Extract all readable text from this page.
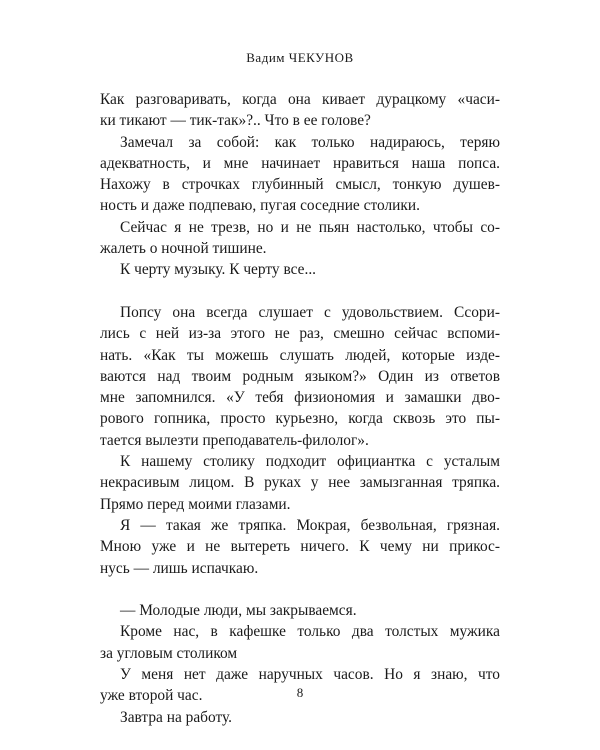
Вадим ЧЕКУНОВ
Как разговаривать, когда она кивает дурацкому «часи-
ки тикают — тик-так»?.. Что в ее голове?
Замечал за собой: как только надираюсь, теряю
адекватность, и мне начинает нравиться наша попса.
Нахожу в строчках глубинный смысл, тонкую душев-
ность и даже подпеваю, пугая соседние столики.
Сейчас я не трезв, но и не пьян настолько, чтобы со-
жалеть о ночной тишине.
К черту музыку. К черту все...
Попсу она всегда слушает с удовольствием. Ссори-
лись с ней из-за этого не раз, смешно сейчас вспоми-
нать. «Как ты можешь слушать людей, которые изде-
ваются над твоим родным языком?» Один из ответов
мне запомнился. «У тебя физиономия и замашки дво-
рового гопника, просто курьезно, когда сквозь это пы-
тается вылезти преподаватель-филолог».
К нашему столику подходит официантка с усталым
некрасивым лицом. В руках у нее замызганная тряпка.
Прямо перед моими глазами.
Я — такая же тряпка. Мокрая, безвольная, грязная.
Мною уже и не вытереть ничего. К чему ни прикос-
нусь — лишь испачкаю.
— Молодые люди, мы закрываемся.
Кроме нас, в кафешке только два толстых мужика
за угловым столиком
У меня нет даже наручных часов. Но я знаю, что
уже второй час.
Завтра на работу.
8
